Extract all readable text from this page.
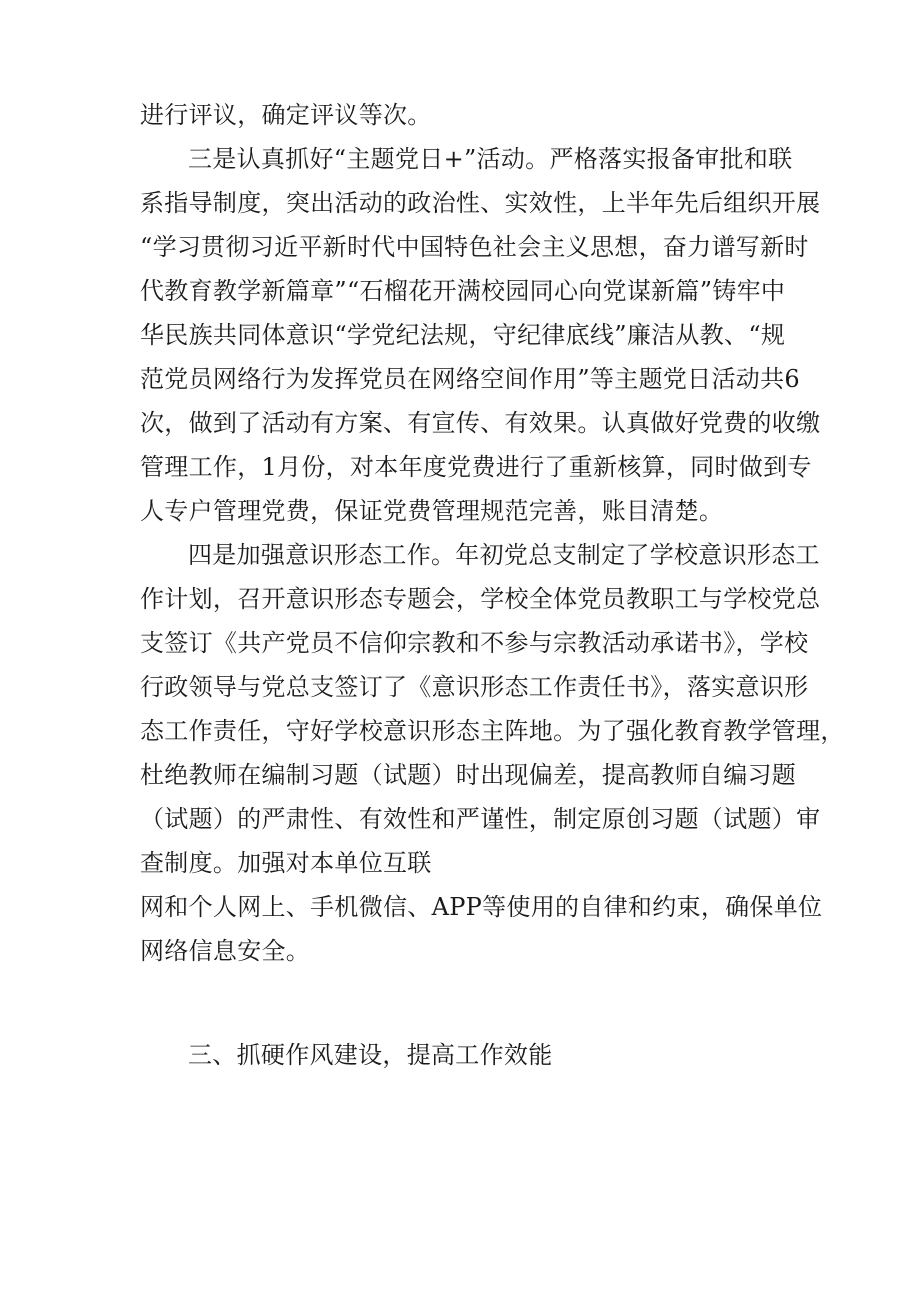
进行评议，确定评议等次。
三是认真抓好“主题党日+”活动。严格落实报备审批和联
系指导制度，突出活动的政治性、实效性，上半年先后组织开展
“学习贯彻习近平新时代中国特色社会主义思想，奋力谱写新时
代教育教学新篇章”“石榴花开满校园同心向党谋新篇”铸牢中
华民族共同体意识“学党纪法规，守纪律底线”廉洁从教、“规
范党员网络行为发挥党员在网络空间作用”等主题党日活动共6
次，做到了活动有方案、有宣传、有效果。认真做好党费的收缴
管理工作，1月份，对本年度党费进行了重新核算，同时做到专
人专户管理党费，保证党费管理规范完善，账目清楚。
四是加强意识形态工作。年初党总支制定了学校意识形态工
作计划，召开意识形态专题会，学校全体党员教职工与学校党总
支签订《共产党员不信仰宗教和不参与宗教活动承诺书》，学校
行政领导与党总支签订了《意识形态工作责任书》，落实意识形
态工作责任，守好学校意识形态主阵地。为了强化教育教学管理，
杜绝教师在编制习题（试题）时出现偏差，提高教师自编习题
（试题）的严肃性、有效性和严谨性，制定原创习题（试题）审
查制度。加强对本单位互联
网和个人网上、手机微信、APP等使用的自律和约束，确保单位
网络信息安全。
三、抓硬作风建设，提高工作效能
